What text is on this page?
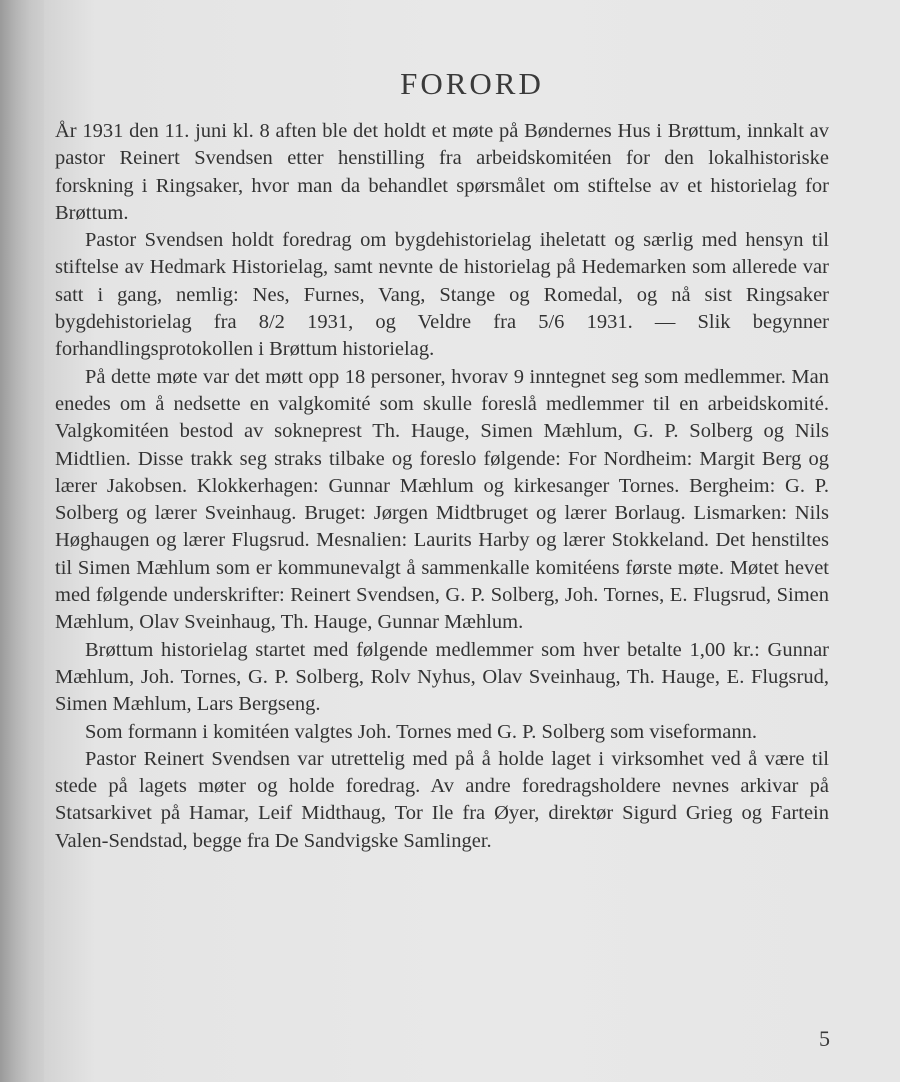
FORORD

År 1931 den 11. juni kl. 8 aften ble det holdt et møte på Bøndernes Hus i Brøttum, innkalt av pastor Reinert Svendsen etter henstilling fra arbeidskomitéen for den lokalhistoriske forskning i Ringsaker, hvor man da behandlet spørsmålet om stiftelse av et historielag for Brøttum.

Pastor Svendsen holdt foredrag om bygdehistorielag iheletatt og særlig med hensyn til stiftelse av Hedmark Historielag, samt nevnte de historielag på Hedemarken som allerede var satt i gang, nemlig: Nes, Furnes, Vang, Stange og Romedal, og nå sist Ringsaker bygdehistorielag fra 8/2 1931, og Veldre fra 5/6 1931. — Slik begynner forhandlingsprotokollen i Brøttum historielag.

På dette møte var det møtt opp 18 personer, hvorav 9 inntegnet seg som medlemmer. Man enedes om å nedsette en valgkomité som skulle foreslå medlemmer til en arbeidskomité. Valgkomitéen bestod av sokneprest Th. Hauge, Simen Mæhlum, G. P. Solberg og Nils Midtlien. Disse trakk seg straks tilbake og foreslo følgende: For Nordheim: Margit Berg og lærer Jakobsen. Klokkerhagen: Gunnar Mæhlum og kirkesanger Tornes. Bergheim: G. P. Solberg og lærer Sveinhaug. Bruget: Jørgen Midtbruget og lærer Borlaug. Lismarken: Nils Høghaugen og lærer Flugsrud. Mesnalien: Laurits Harby og lærer Stokkeland. Det henstiltes til Simen Mæhlum som er kommunevalgt å sammenkalle komitéens første møte. Møtet hevet med følgende underskrifter: Reinert Svendsen, G. P. Solberg, Joh. Tornes, E. Flugsrud, Simen Mæhlum, Olav Sveinhaug, Th. Hauge, Gunnar Mæhlum.

Brøttum historielag startet med følgende medlemmer som hver betalte 1,00 kr.: Gunnar Mæhlum, Joh. Tornes, G. P. Solberg, Rolv Nyhus, Olav Sveinhaug, Th. Hauge, E. Flugsrud, Simen Mæhlum, Lars Bergseng.

Som formann i komitéen valgtes Joh. Tornes med G. P. Solberg som viseformann.

Pastor Reinert Svendsen var utrettelig med på å holde laget i virksomhet ved å være til stede på lagets møter og holde foredrag. Av andre foredragsholdere nevnes arkivar på Statsarkivet på Hamar, Leif Midthaug, Tor Ile fra Øyer, direktør Sigurd Grieg og Fartein Valen-Sendstad, begge fra De Sandvigske Samlinger.

5
